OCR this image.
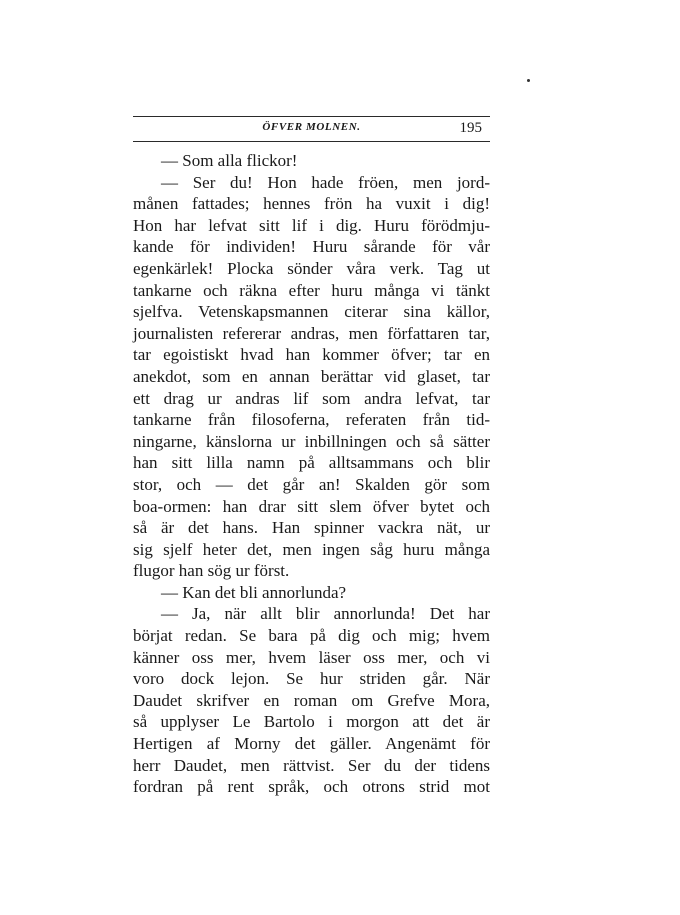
ÖFVER MOLNEN.	195
— Som alla flickor!
— Ser du! Hon hade fröen, men jord-
månen fattades; hennes frön ha vuxit i dig!
Hon har lefvat sitt lif i dig. Huru förödmju-
kande för individen! Huru sårande för vår
egenkärlek! Plocka sönder våra verk. Tag ut
tankarne och räkna efter huru många vi tänkt
sjelfva. Vetenskapsmannen citerar sina källor,
journalisten refererar andras, men författaren tar,
tar egoistiskt hvad han kommer öfver; tar en
anekdot, som en annan berättar vid glaset, tar
ett drag ur andras lif som andra lefvat, tar
tankarne från filosoferna, referaten från tid-
ningarne, känslorna ur inbillningen och så sätter
han sitt lilla namn på alltsammans och blir
stor, och — det går an! Skalden gör som
boa-ormen: han drar sitt slem öfver bytet och
så är det hans. Han spinner vackra nät, ur
sig sjelf heter det, men ingen såg huru många
flugor han sög ur först.
— Kan det bli annorlunda?
— Ja, när allt blir annorlunda! Det har
börjat redan. Se bara på dig och mig; hvem
känner oss mer, hvem läser oss mer, och vi
voro dock lejon. Se hur striden går. När
Daudet skrifver en roman om Grefve Mora,
så upplyser Le Bartolo i morgon att det är
Hertigen af Morny det gäller. Angenämt för
herr Daudet, men rättvist. Ser du der tidens
fordran på rent språk, och otrons strid mot
